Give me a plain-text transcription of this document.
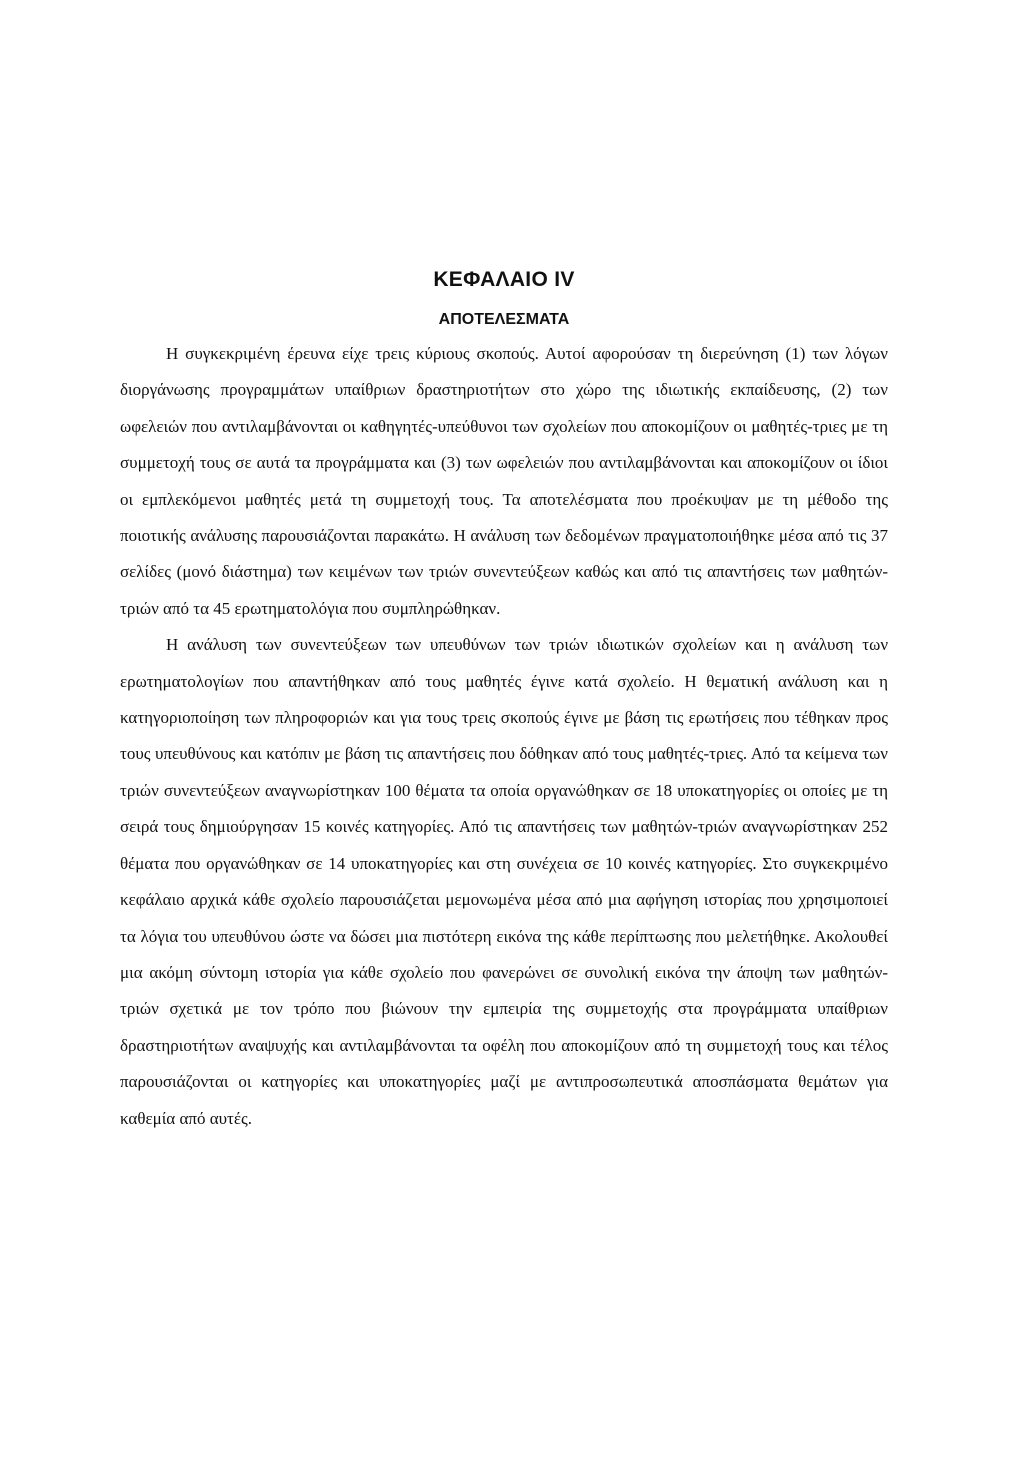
ΚΕΦΑΛΑΙΟ IV
ΑΠΟΤΕΛΕΣΜΑΤΑ

Η συγκεκριμένη έρευνα είχε τρεις κύριους σκοπούς. Αυτοί αφορούσαν τη διερεύνηση (1) των λόγων διοργάνωσης προγραμμάτων υπαίθριων δραστηριοτήτων στο χώρο της ιδιωτικής εκπαίδευσης, (2) των ωφελειών που αντιλαμβάνονται οι καθηγητές-υπεύθυνοι των σχολείων που αποκομίζουν οι μαθητές-τριες με τη συμμετοχή τους σε αυτά τα προγράμματα και (3) των ωφελειών που αντιλαμβάνονται και αποκομίζουν οι ίδιοι οι εμπλεκόμενοι μαθητές μετά τη συμμετοχή τους. Τα αποτελέσματα που προέκυψαν με τη μέθοδο της ποιοτικής ανάλυσης παρουσιάζονται παρακάτω. Η ανάλυση των δεδομένων πραγματοποιήθηκε μέσα από τις 37 σελίδες (μονό διάστημα) των κειμένων των τριών συνεντεύξεων καθώς και από τις απαντήσεις των μαθητών-τριών από τα 45 ερωτηματολόγια που συμπληρώθηκαν.

Η ανάλυση των συνεντεύξεων των υπευθύνων των τριών ιδιωτικών σχολείων και η ανάλυση των ερωτηματολογίων που απαντήθηκαν από τους μαθητές έγινε κατά σχολείο. Η θεματική ανάλυση και η κατηγοριοποίηση των πληροφοριών και για τους τρεις σκοπούς έγινε με βάση τις ερωτήσεις που τέθηκαν προς τους υπευθύνους και κατόπιν με βάση τις απαντήσεις που δόθηκαν από τους μαθητές-τριες. Από τα κείμενα των τριών συνεντεύξεων αναγνωρίστηκαν 100 θέματα τα οποία οργανώθηκαν σε 18 υποκατηγορίες οι οποίες με τη σειρά τους δημιούργησαν 15 κοινές κατηγορίες. Από τις απαντήσεις των μαθητών-τριών αναγνωρίστηκαν 252 θέματα που οργανώθηκαν σε 14 υποκατηγορίες και στη συνέχεια σε 10 κοινές κατηγορίες. Στο συγκεκριμένο κεφάλαιο αρχικά κάθε σχολείο παρουσιάζεται μεμονωμένα μέσα από μια αφήγηση ιστορίας που χρησιμοποιεί τα λόγια του υπευθύνου ώστε να δώσει μια πιστότερη εικόνα της κάθε περίπτωσης που μελετήθηκε. Ακολουθεί μια ακόμη σύντομη ιστορία για κάθε σχολείο που φανερώνει σε συνολική εικόνα την άποψη των μαθητών-τριών σχετικά με τον τρόπο που βιώνουν την εμπειρία της συμμετοχής στα προγράμματα υπαίθριων δραστηριοτήτων αναψυχής και αντιλαμβάνονται τα οφέλη που αποκομίζουν από τη συμμετοχή τους και τέλος παρουσιάζονται οι κατηγορίες και υποκατηγορίες μαζί με αντιπροσωπευτικά αποσπάσματα θεμάτων για καθεμία από αυτές.
